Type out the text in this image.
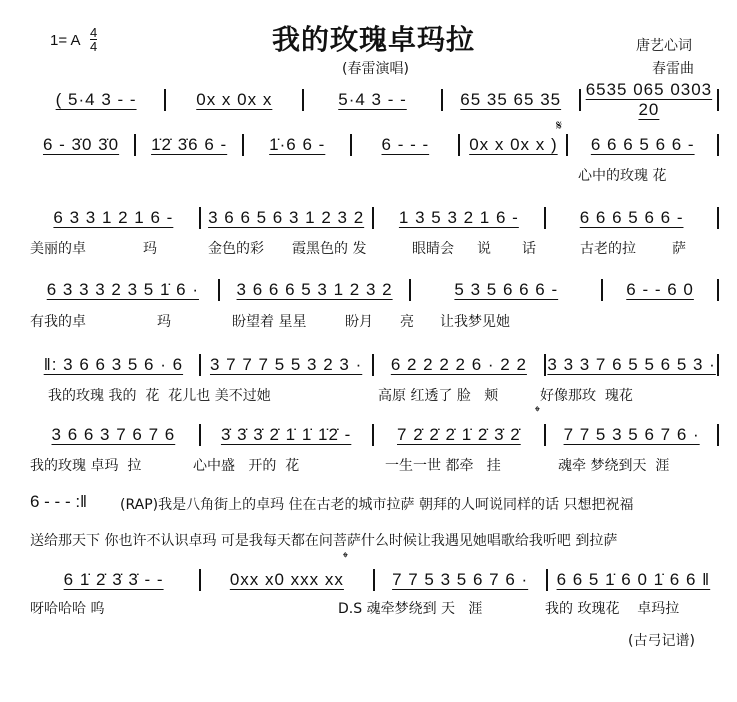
1= A 4
4	我的玫瑰卓玛拉
(春雷演唱)
唐艺心词
春雷曲
( 5·4 3 - -	0x x 0x x	5·4 3 - -	65 35 65 35
6535 065 0303 20
𝄋
6 - 3̇0 3̇0	1̇2̇ 3̇6 6 -	1̇·6 6 -	6 - - -	0x x 0x x )	6 6 6 5 6 6 -
心中的玫瑰 花
6 3 3 1 2 1 6 -	3 6 6 5 6 3 1 2 3 2	1 3 5 3 2 1 6 -	6 6 6 5 6 6 -
美丽的卓	玛	金色的彩 霞黑色的 发	眼睛会 说 话	古老的拉	萨
6 3 3 3 2 3 5 1̇ 6 ·	3 6 6 6 5 3 1 2 3 2	5 3 5 6 6 6 -	6 - - 6 0
有我的卓	玛	盼望着 星星	盼月 亮 让我梦见她
‖: 3 6 6 3 5 6 · 6	3 7 7 7 5 5 3 2 3 ·	6 2 2 2 2 6 · 2 2	3 3 3 7 6 5 5 6 5 3 ·
我的玫瑰 我的  花  花儿也 美不过她	高原 红透了 脸   颊	好像那玫  瑰花
𝄌
3 6 6 3 7 6 7 6	3̇ 3̇ 3̇ 2̇ 1̇ 1̇ 1̇2̇ -	7 2̇ 2̇ 2̇ 1̇ 2̇ 3̇ 2̇	7 7 5 3 5 6 7 6 ·
我的玫瑰 卓玛  拉	心中盛   开的  花	一生一世 都牵   挂	魂牵 梦绕到天  涯
6 - - - :‖ (RAP)我是八角街上的卓玛 住在古老的城市拉萨 朝拜的人呵说同样的话 只想把祝福
送给那天下 你也许不认识卓玛 可是我每天都在问菩萨什么时候让我遇见她唱歌给我听吧 到拉萨
𝄌
6 1̇ 2̇ 3̇ 3̇ - -	0xx x0 xxx xx	7 7 5 3 5 6 7 6 ·	6 6 5 1̇ 6 0 1̇ 6 6 ‖
呀哈哈哈 呜	D.S 魂牵梦绕到 天   涯	我的 玫瑰花    卓玛拉
(古弓记谱)
